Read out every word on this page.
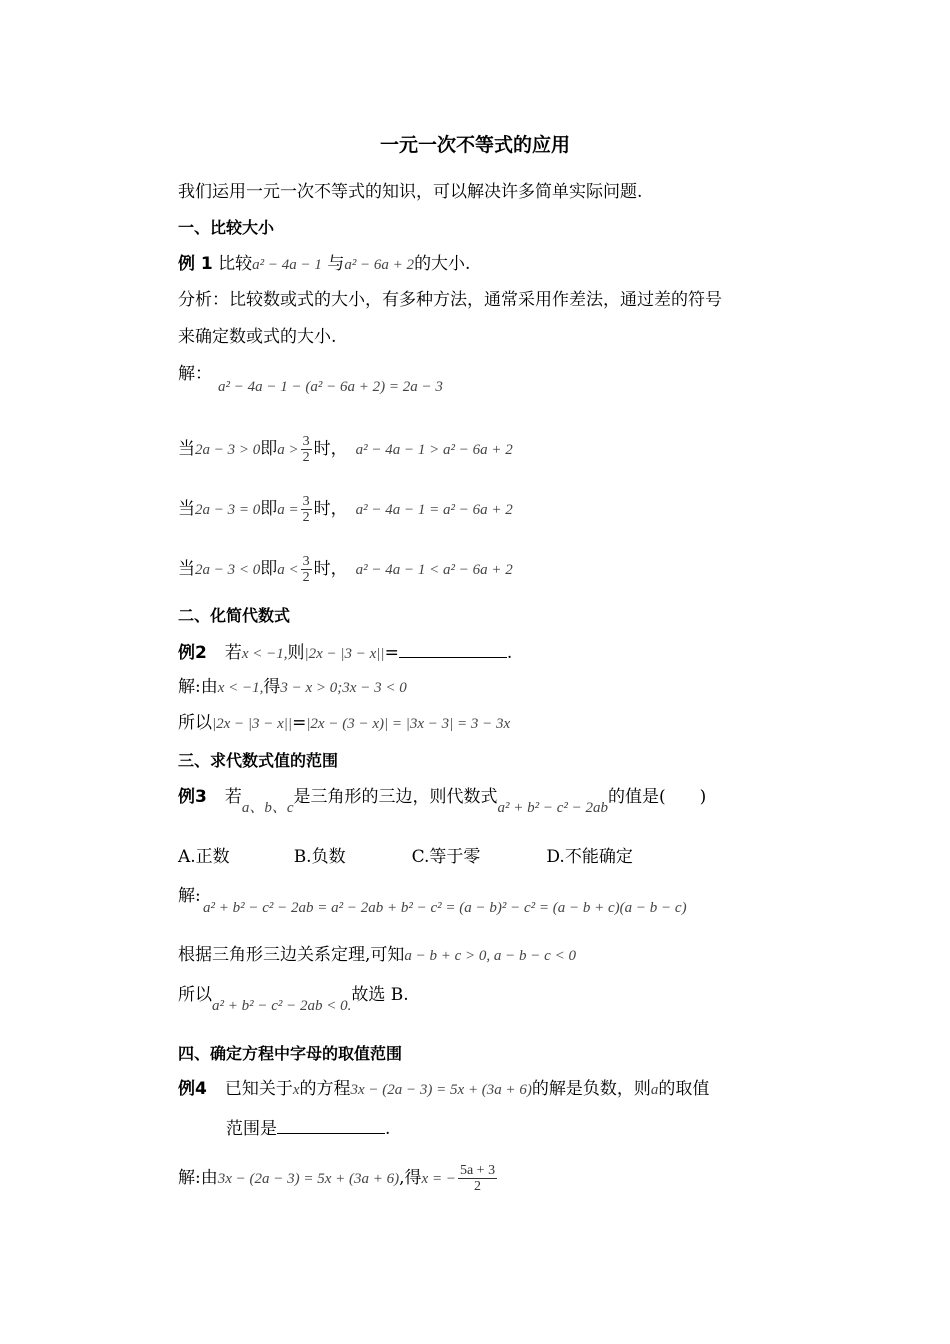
一元一次不等式的应用
我们运用一元一次不等式的知识，可以解决许多简单实际问题.
一、比较大小
例 1 比较a² − 4a − 1 与a² − 6a + 2的大小.
分析：比较数或式的大小，有多种方法，通常采用作差法，通过差的符号
来确定数或式的大小.
解：
a² − 4a − 1 − (a² − 6a + 2) = 2a − 3
当2a − 3 > 0即$a > \frac{3}{2}$ 时， a² − 4a − 1 > a² − 6a + 2
当2a − 3 = 0即$a = \frac{3}{2}$ 时， a² − 4a − 1 = a² − 6a + 2
当2a − 3 < 0即$a < \frac{3}{2}$ 时， a² − 4a − 1 < a² − 6a + 2
二、化简代数式
例2 若x < −1,则|2x − |3 − x||=	.
解:由x < −1,得3 − x > 0;3x − 3 < 0
所以|2x − |3 − x||=|2x − (3 − x)| = |3x − 3| = 3 − 3x
三、求代数式值的范围
例3 若a、b、c是三角形的三边，则代数式a² + b² − c² − 2ab的值是(　　)
A.正数	B.负数	C.等于零	D.不能确定
解:
a² + b² − c² − 2ab = a² − 2ab + b² − c² = (a − b)² − c² = (a − b + c)(a − b − c)
根据三角形三边关系定理,可知a − b + c > 0, a − b − c < 0
所以a² + b² − c² − 2ab < 0.故选 B.
四、确定方程中字母的取值范围
例4 已知关于x的方程3x − (2a − 3) = 5x + (3a + 6)的解是负数，则a的取值
范围是	.
解:由3x − (2a − 3) = 5x + (3a + 6),得x = − $\frac{5a + 3}{2}$
